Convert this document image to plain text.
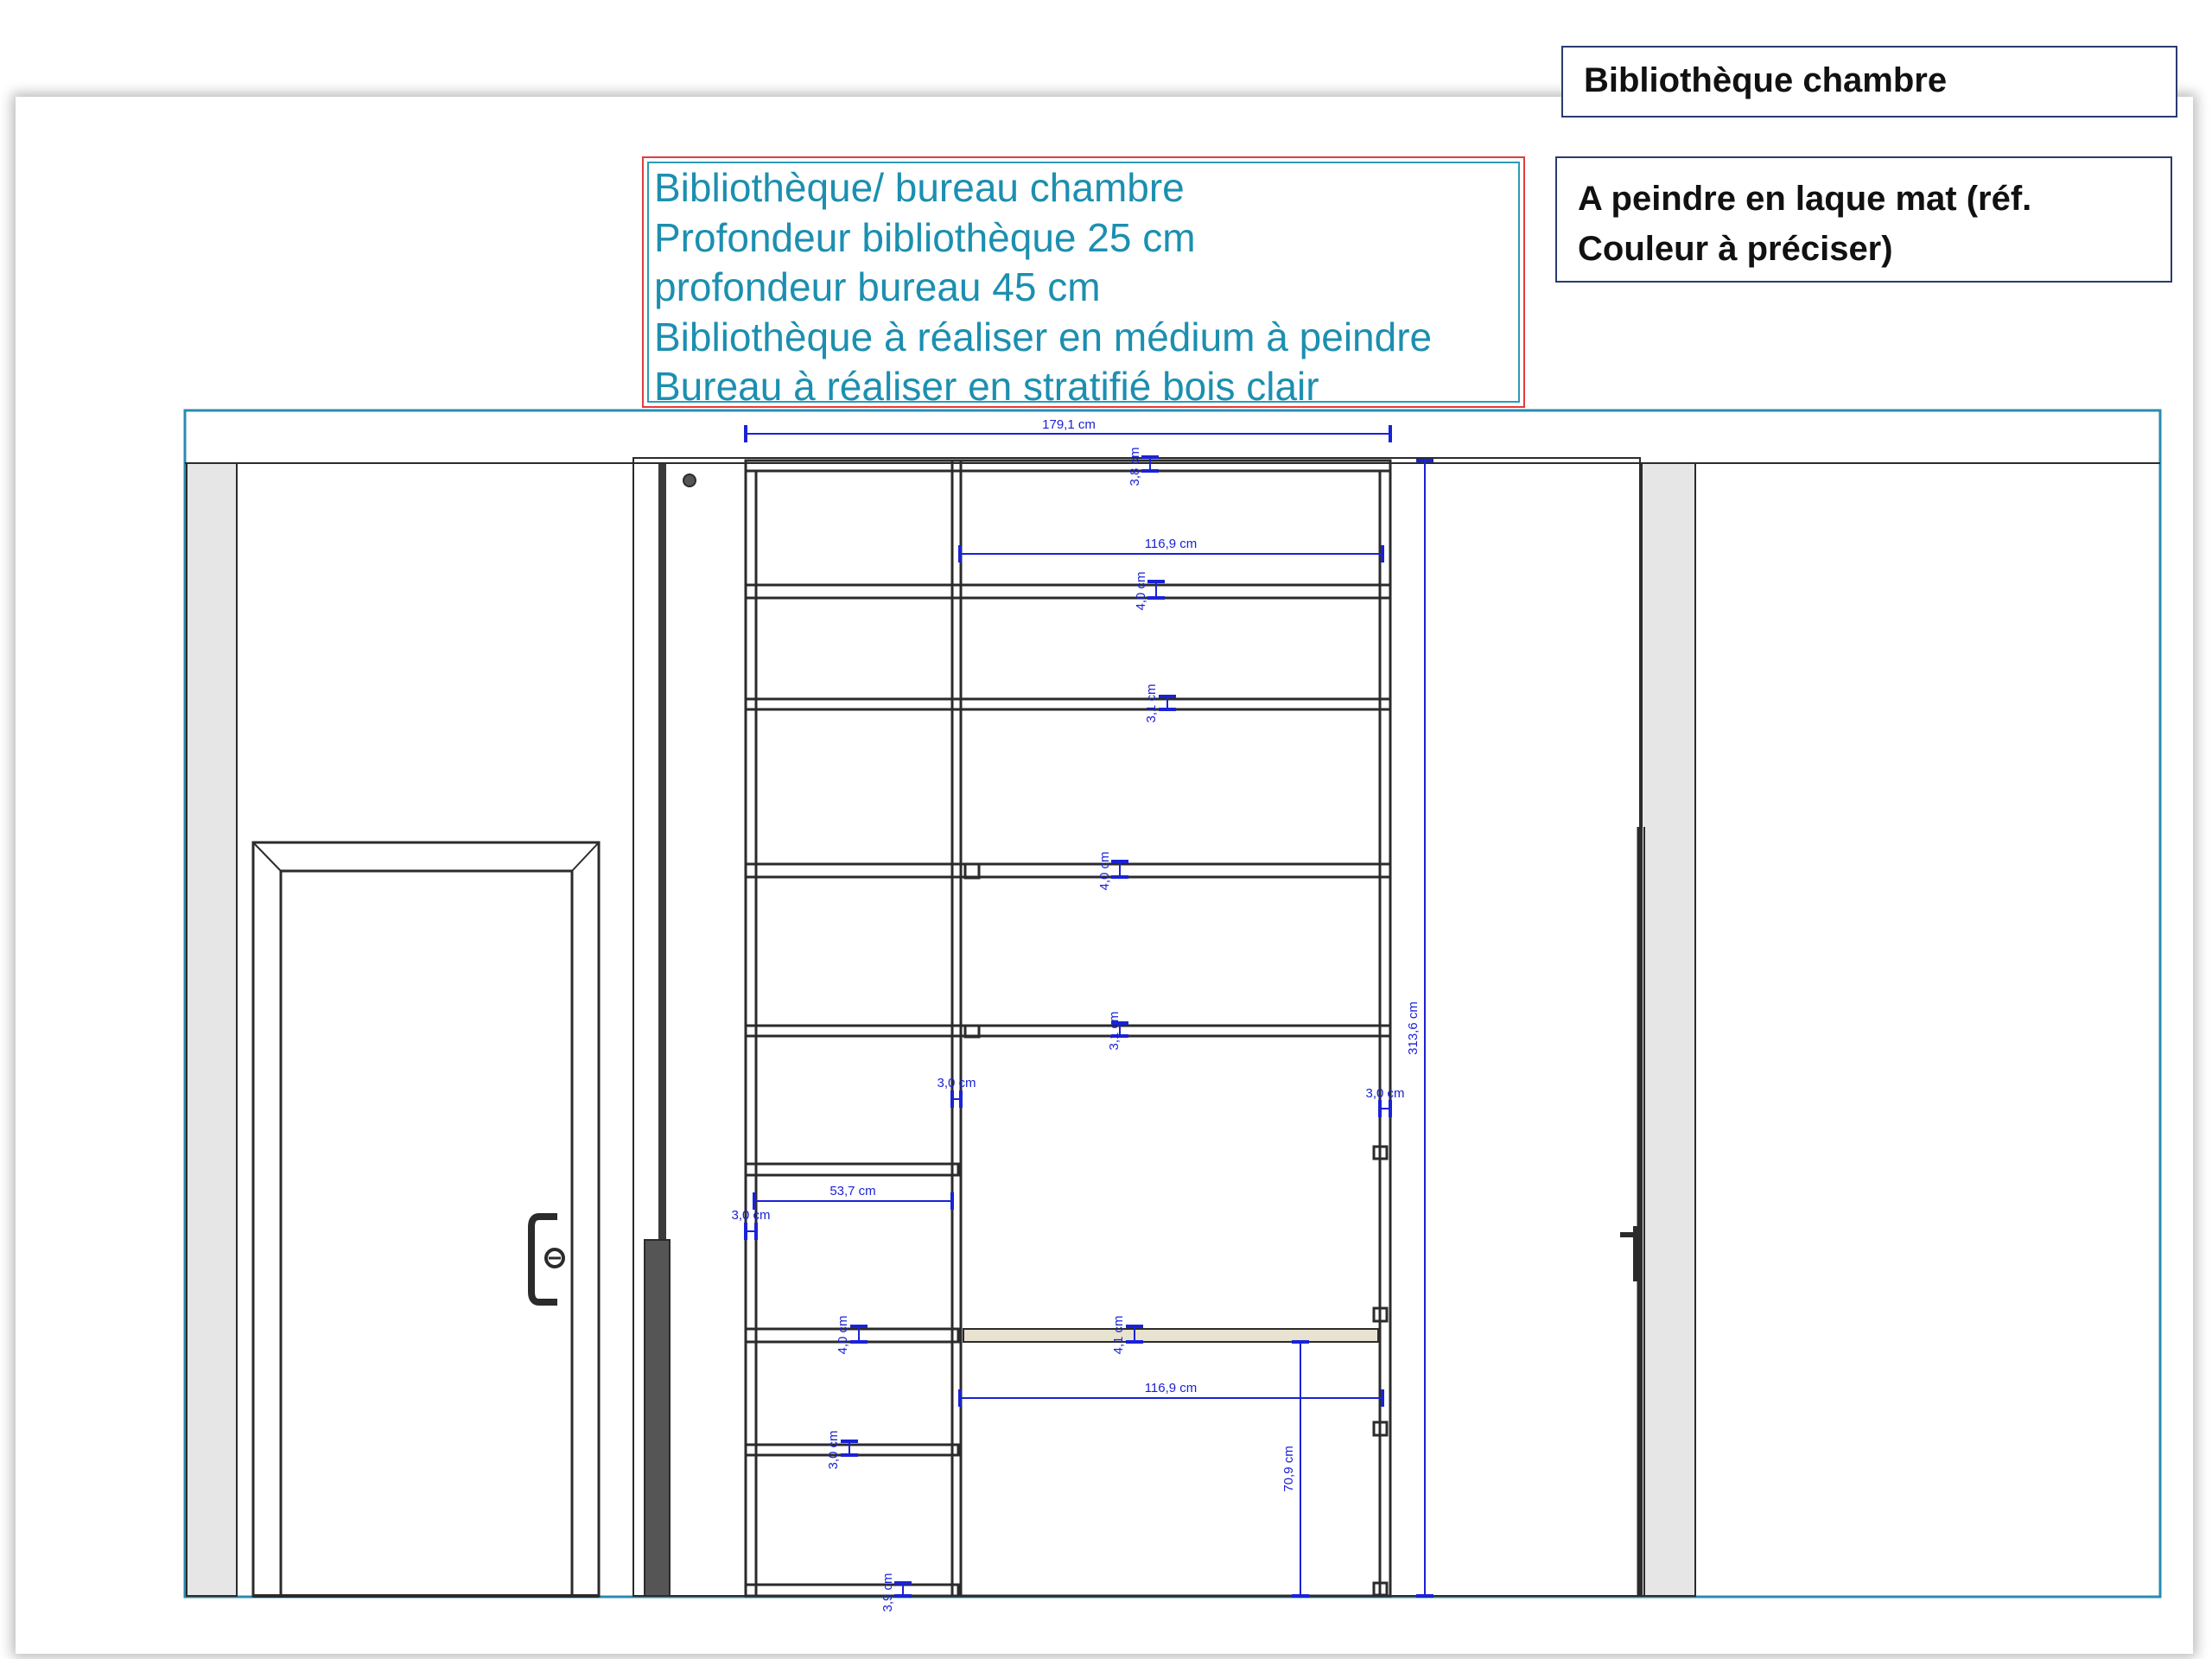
Bibliothèque chambre
A peindre en laque mat (réf.
Couleur à préciser)
Bibliothèque/ bureau chambre
Profondeur bibliothèque 25 cm
profondeur bureau 45 cm
Bibliothèque à réaliser en médium à peindre
Bureau à réaliser en stratifié bois clair
179,1 cm
116,9 cm
116,9 cm
53,7 cm
3,0 cm
3,0 cm
3,0 cm
313,6 cm
70,9 cm
3,8 cm
4,0 cm
3,1 cm
4,0 cm
3,1 cm
4,0 cm	4,1 cm
3,0 cm
3,9 cm
